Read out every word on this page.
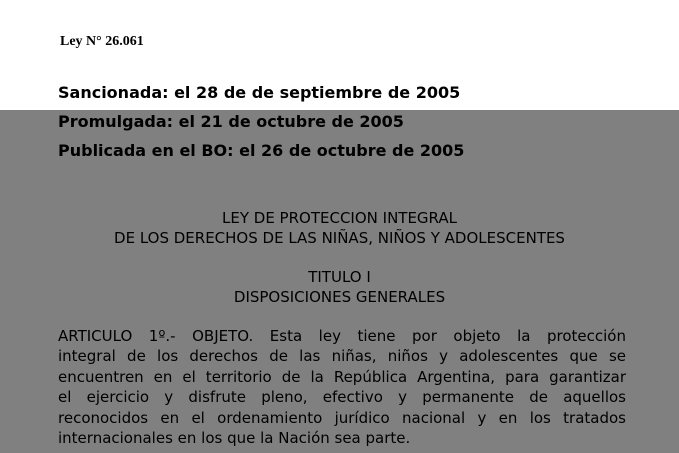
Ley N° 26.061
Sancionada: el 28 de de septiembre de 2005
Promulgada: el 21 de octubre de 2005
Publicada en el BO: el 26 de octubre de 2005
LEY DE PROTECCION INTEGRAL
DE LOS DERECHOS DE LAS NIÑAS, NIÑOS Y ADOLESCENTES
TITULO I
DISPOSICIONES GENERALES
ARTICULO 1º.- OBJETO. Esta ley tiene por objeto la protección
integral de los derechos de las niñas, niños y adolescentes que se
encuentren en el territorio de la República Argentina, para garantizar
el ejercicio y disfrute pleno, efectivo y permanente de aquellos
reconocidos en el ordenamiento jurídico nacional y en los tratados
internacionales en los que la Nación sea parte.
